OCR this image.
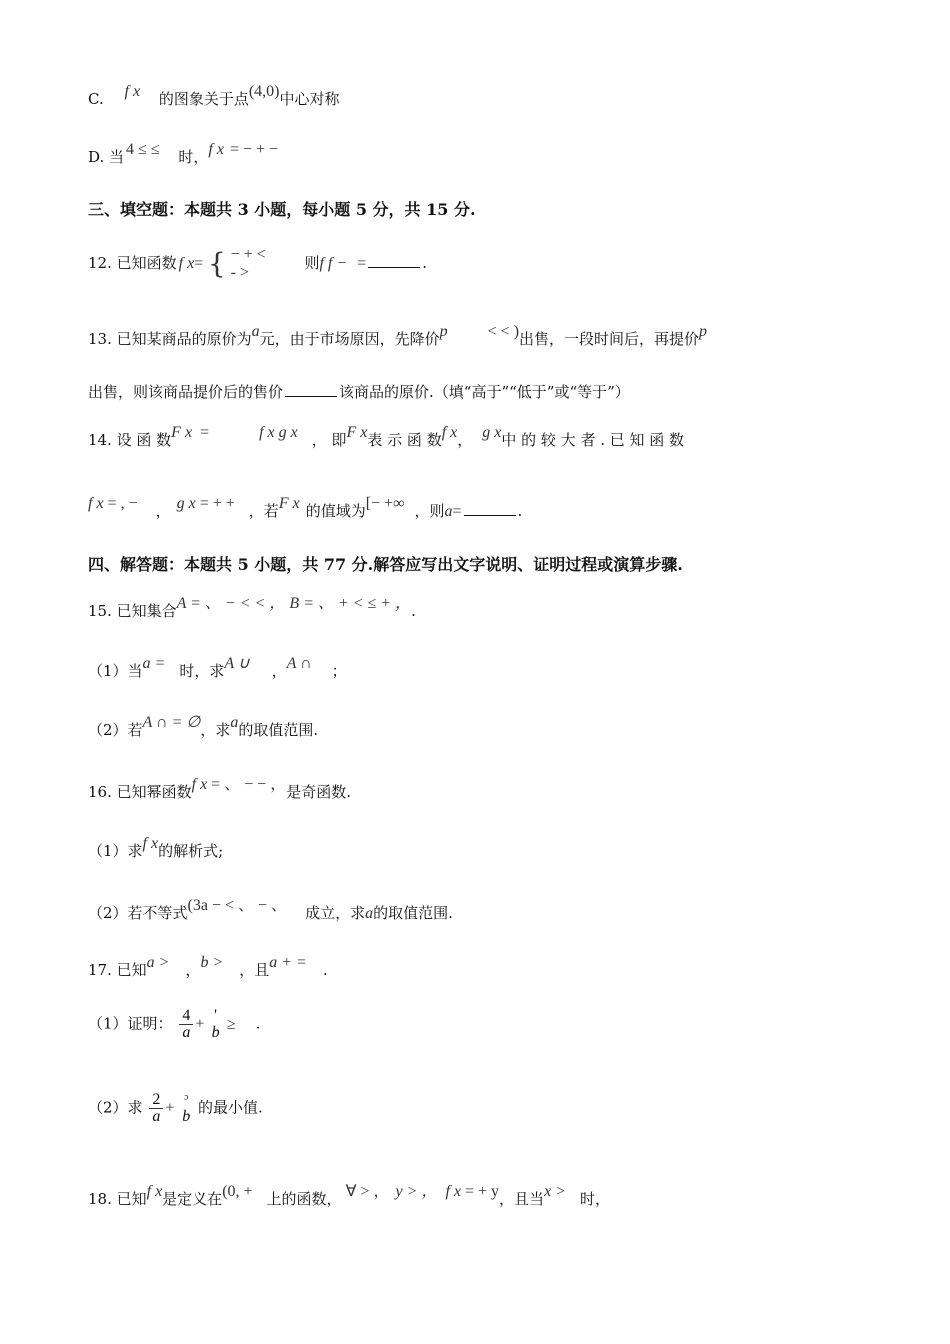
C. f x 的图象关于点(4,0)中心对称
D. 当 4 ≤ ≤ 时，f x = − + −
三、填空题：本题共 3 小题，每小题 5 分，共 15 分.
12. 已知函数 f x= { − + <
- >
则f f − =	.
13. 已知某商品的原价为a元，由于市场原因，先降价p	< < )出售，一段时间后，再提价p
出售，则该商品提价后的售价	该商品的原价.（填“高于”“低于”或“等于”）
14. 设 函 数F x =	f x g x ， 即F x表 示 函 数f x， g x中 的 较 大 者 . 已 知 函 数
f x = , − ， g x = + + ，若F x 的值域为[− +∞ ，则a=	.
四、解答题：本题共 5 小题，共 77 分.解答应写出文字说明、证明过程或演算步骤.
15. 已知集合A = 、 − < < ， B = 、 + < ≤ + ，.
（1）当a = 时，求A ∪ ，A ∩ ；
（2）若A ∩ = ∅，求a的取值范围.
16. 已知幂函数f x = 、 − − ，是奇函数.
（1）求f x的解析式;
（2）若不等式(3a − < 、 − 、 成立，求a的取值范围.
17. 已知a > ，b > ，且a + = .
（1）证明： $\frac{4}{a}$ + '
b ≥ .
（2）求 $\frac{2}{a}$ + ᵓ
b 的最小值.
18. 已知f x是定义在(0, + 上的函数， ∀ > ， y > ， f x = + y，且当x > 时，
